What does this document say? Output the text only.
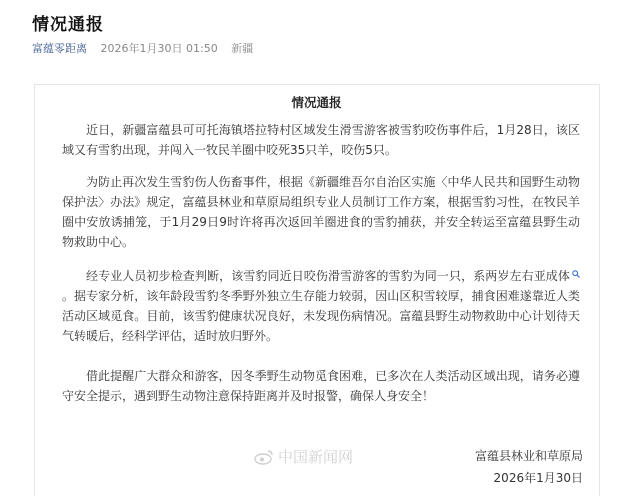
情况通报
富蕴零距离 2026年1月30日 01:50 新疆
情况通报

近日，新疆富蕴县可可托海镇塔拉特村区域发生滑雪游客被雪豹咬伤事件后，1月28日，该区域又有雪豹出现，并闯入一牧民羊圈中咬死35只羊，咬伤5只。

为防止再次发生雪豹伤人伤畜事件，根据《新疆维吾尔自治区实施〈中华人民共和国野生动物保护法〉办法》规定，富蕴县林业和草原局组织专业人员制订工作方案，根据雪豹习性，在牧民羊圈中安放诱捕笼，于1月29日9时许将再次返回羊圈进食的雪豹捕获，并安全转运至富蕴县野生动物救助中心。

经专业人员初步检查判断，该雪豹同近日咬伤滑雪游客的雪豹为同一只，系两岁左右亚成体。据专家分析，该年龄段雪豹冬季野外独立生存能力较弱，因山区积雪较厚，捕食困难遂靠近人类活动区域觅食。目前，该雪豹健康状况良好，未发现伤病情况。富蕴县野生动物救助中心计划待天气转暖后，经科学评估，适时放归野外。

借此提醒广大群众和游客，因冬季野生动物觅食困难，已多次在人类活动区域出现，请务必遵守安全提示，遇到野生动物注意保持距离并及时报警，确保人身安全！

中国新闻网	富蕴县林业和草原局
2026年1月30日
